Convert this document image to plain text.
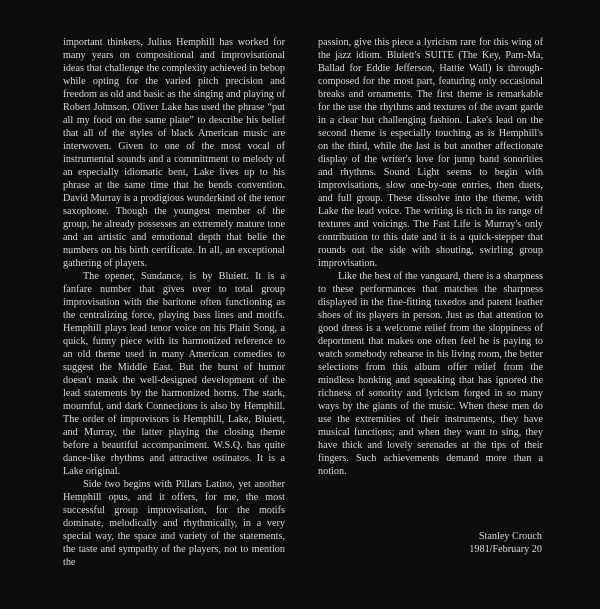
important thinkers, Julius Hemphill has worked for many years on compositional and improvisational ideas that challenge the complexity achieved in bebop while opting for the varied pitch precision and freedom as old and basic as the singing and playing of Robert Johnson. Oliver Lake has used the phrase “put all my food on the same plate” to describe his belief that all of the styles of black American music are interwoven. Given to one of the most vocal of instrumental sounds and a committment to melody of an especially idiomatic bent, Lake lives up to his phrase at the same time that he bends convention. David Murray is a prodigious wunderkind of the tenor saxophone. Though the youngest member of the group, he already possesses an extremely mature tone and an artistic and emotional depth that belie the numbers on his birth certificate. In all, an exceptional gathering of players.

The opener, Sundance, is by Bluiett. It is a fanfare number that gives over to total group improvisation with the baritone often functioning as the centralizing force, playing bass lines and motifs. Hemphill plays lead tenor voice on his Plain Song, a quick, funny piece with its harmonized reference to an old theme used in many American comedies to suggest the Middle East. But the burst of humor doesn't mask the well-designed development of the lead statements by the harmonized horns. The stark, mournful, and dark Connections is also by Hemphill. The order of improvisors is Hemphill, Lake, Bluiett, and Murray, the latter playing the closing theme before a beautiful accompaniment. W.S.Q. has quite dance-like rhythms and attractive ostinatos. It is a Lake original.

Side two begins with Pillars Latino, yet another Hemphill opus, and it offers, for me, the most successful group improvisation, for the motifs dominate, melodically and rhythmically, in a very special way, the space and variety of the statements, the taste and sympathy of the players, not to mention the

passion, give this piece a lyricism rare for this wing of the jazz idiom. Bluiett's SUITE (The Key, Pam-Ma, Ballad for Eddie Jefferson, Hattie Wall) is through-composed for the most part, featuring only occasional breaks and ornaments. The first theme is remarkable for the use the rhythms and textures of the avant garde in a clear but challenging fashion. Lake's lead on the second theme is especially touching as is Hemphill's on the third, while the last is but another affectionate display of the writer's love for jump band sonorities and rhythms. Sound Light seems to begin with improvisations, slow one-by-one entries, then duets, and full group. These dissolve into the theme, with Lake the lead voice. The writing is rich in its range of textures and voicings. The Fast Life is Murray's only contribution to this date and it is a quick-stepper that rounds out the side with shouting, swirling group improvisation.

Like the best of the vanguard, there is a sharpness to these performances that matches the sharpness displayed in the fine-fitting tuxedos and patent leather shoes of its players in person. Just as that attention to good dress is a welcome relief from the sloppiness of deportment that makes one often feel he is paying to watch somebody rehearse in his living room, the better selections from this album offer relief from the mindless honking and squeaking that has ignored the richness of sonority and lyricism forged in so many ways by the giants of the music. When these men do use the extremities of their instruments, they have musical functions; and when they want to sing, they have thick and lovely serenades at the tips of their fingers. Such achievements demand more than a notion.

Stanley Crouch
1981/February 20
